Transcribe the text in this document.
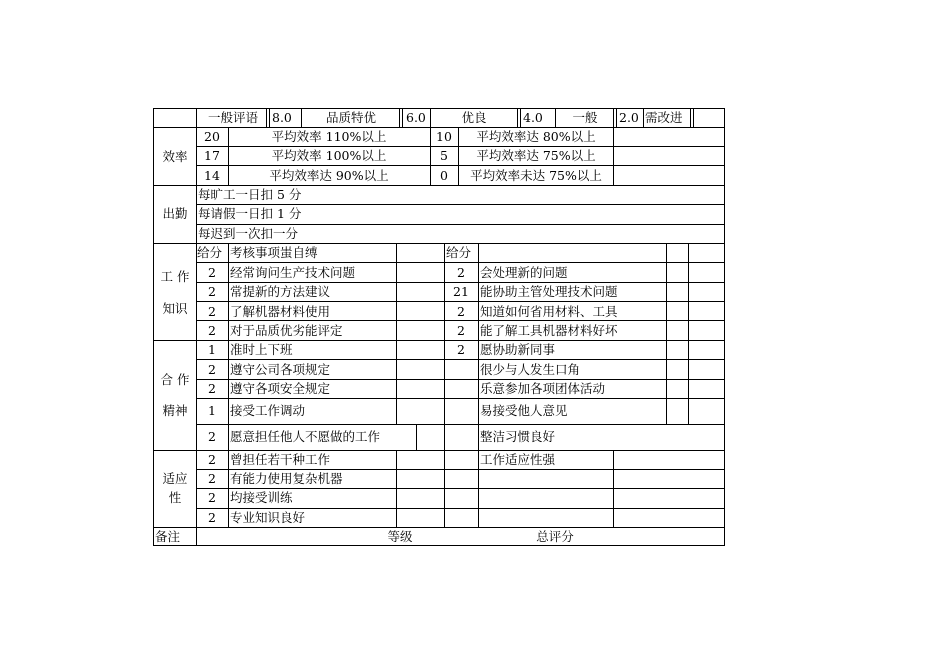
一般评语	8.0	品质特优	6.0	优良	4.0	一般	2.0 需改进
效率
20	平均效率 110%以上	10	平均效率达 80%以上
17	平均效率 100%以上	5	平均效率达 75%以上
14	平均效率达 90%以上	0	平均效率未达 75%以上
出勤
每旷工一日扣 5 分
每请假一日扣 1 分
每迟到一次扣一分
工 作
知识
给分 考核事项蚩自缚	给分
2	经常询问生产技术问题	2	会处理新的问题
2	常提新的方法建议	21 能协助主管处理技术问题
2	了解机器材料使用	2	知道如何省用材料、工具
2	对于品质优劣能评定	2	能了解工具机器材料好坏
合 作
精神
1	准时上下班	2	愿协助新同事
2	遵守公司各项规定	很少与人发生口角
2	遵守各项安全规定	乐意参加各项团体活动
1	接受工作调动	易接受他人意见
2	愿意担任他人不愿做的工作	整洁习惯良好
适应
性
2	曾担任若干种工作	工作适应性强
2	有能力使用复杂机器
2	均接受训练
2	专业知识良好
备注	等级	总评分
